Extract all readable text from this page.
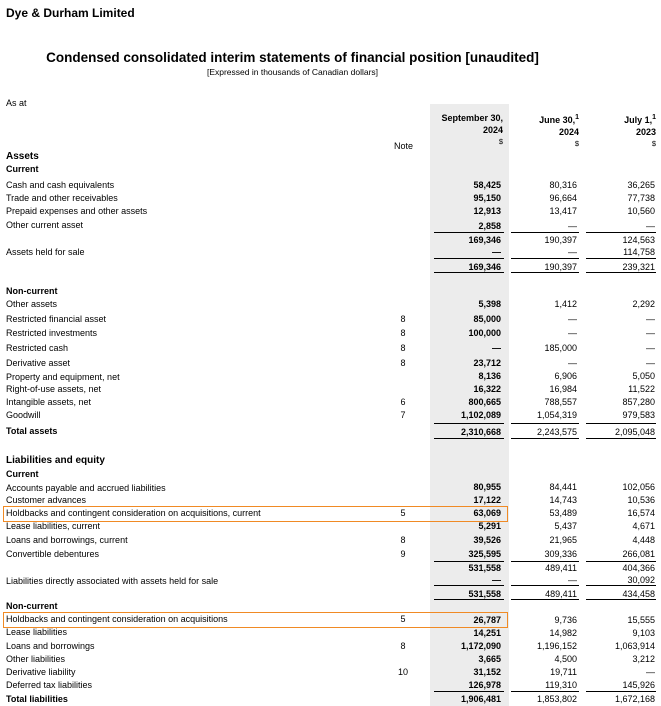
Dye & Durham Limited
Condensed consolidated interim statements of financial position [unaudited]
[Expressed in thousands of Canadian dollars]
As at
September 30,
2024
$
June 30,$^1$
2024
$
July 1,$^1$
2023
$
Note
Assets
Current
Non-current
Liabilities and equity
Current
Non-current
Cash and cash equivalents	58,425	80,316	36,265
Trade and other receivables	95,150	96,664	77,738
Prepaid expenses and other assets	12,913	13,417	10,560
Other current asset	2,858	—	—
169,346	190,397	124,563
Assets held for sale	—	—	114,758
169,346	190,397	239,321
Other assets	5,398	1,412	2,292
Restricted financial asset	8	85,000	—	—
Restricted investments	8	100,000	—	—
Restricted cash	8	—	185,000	—
Derivative asset	8	23,712	—	—
Property and equipment, net	8,136	6,906	5,050
Right-of-use assets, net	16,322	16,984	11,522
Intangible assets, net	6	800,665	788,557	857,280
Goodwill	7	1,102,089	1,054,319	979,583
Total assets	2,310,668	2,243,575	2,095,048
Accounts payable and accrued liabilities	80,955	84,441	102,056
Customer advances	17,122	14,743	10,536
Holdbacks and contingent consideration on acquisitions, current	5	63,069	53,489	16,574
Lease liabilities, current	5,291	5,437	4,671
Loans and borrowings, current	8	39,526	21,965	4,448
Convertible debentures	9	325,595	309,336	266,081
531,558	489,411	404,366
Liabilities directly associated with assets held for sale	—	—	30,092
531,558	489,411	434,458
Holdbacks and contingent consideration on acquisitions	5	26,787	9,736	15,555
Lease liabilities	14,251	14,982	9,103
Loans and borrowings	8	1,172,090	1,196,152	1,063,914
Other liabilities	3,665	4,500	3,212
Derivative liability	10	31,152	19,711	—
Deferred tax liabilities	126,978	119,310	145,926
Total liabilities	1,906,481	1,853,802	1,672,168
